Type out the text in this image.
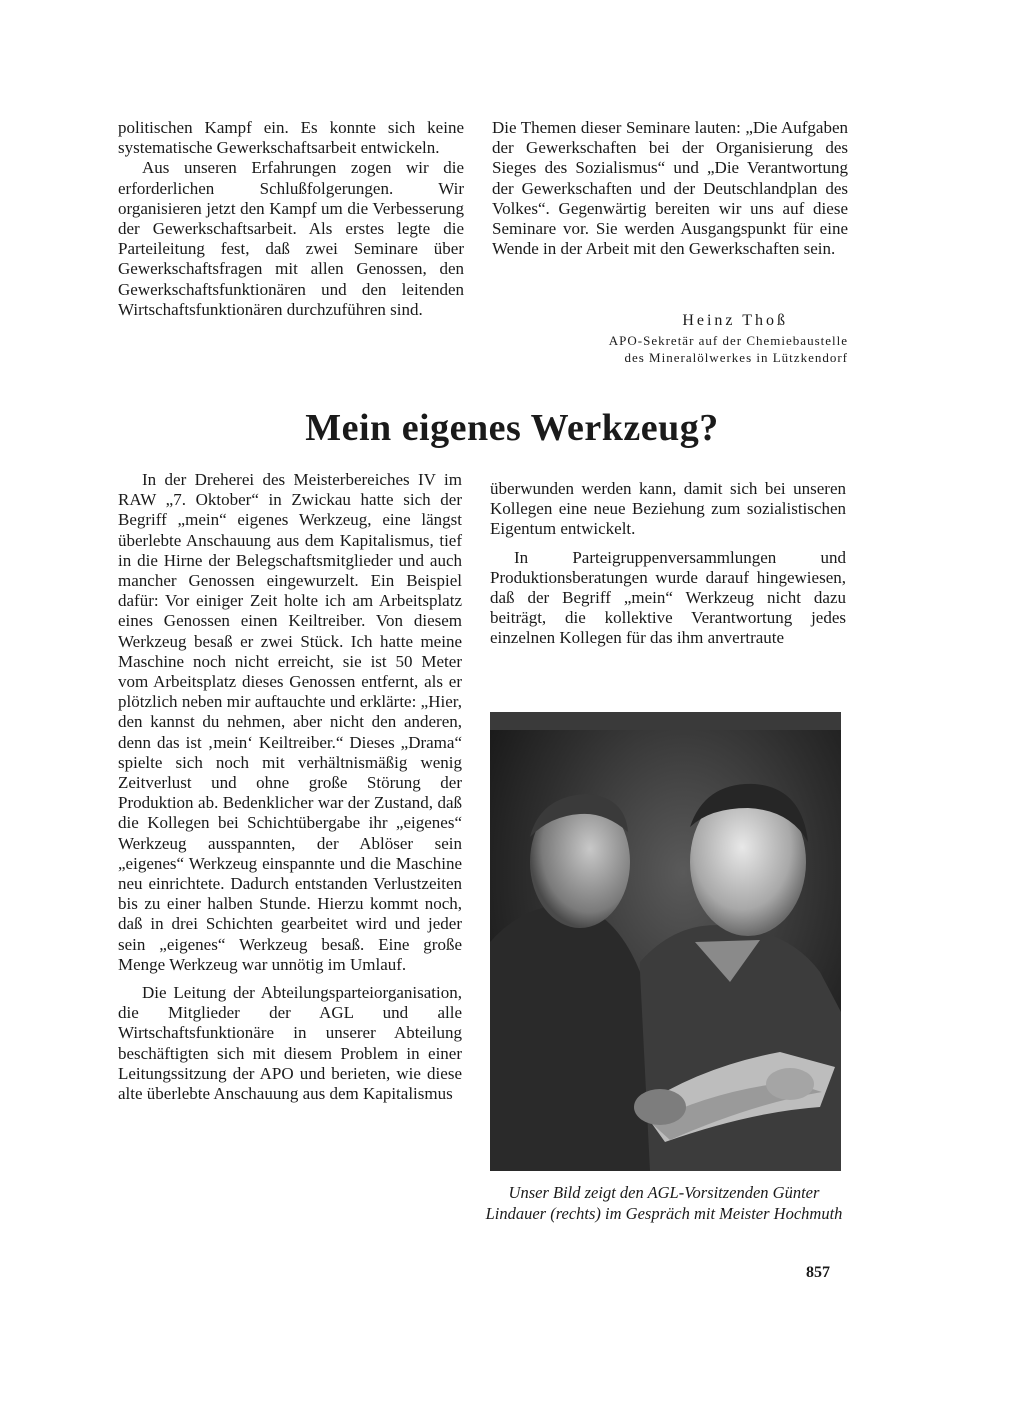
politischen Kampf ein. Es konnte sich keine systematische Gewerkschaftsarbeit entwickeln.

Aus unseren Erfahrungen zogen wir die erforderlichen Schlußfolgerungen. Wir organisieren jetzt den Kampf um die Verbesserung der Gewerkschaftsarbeit. Als erstes legte die Parteileitung fest, daß zwei Seminare über Gewerkschaftsfragen mit allen Genossen, den Gewerkschaftsfunktionären und den leitenden Wirtschaftsfunktionären durchzuführen sind.

Die Themen dieser Seminare lauten: „Die Aufgaben der Gewerkschaften bei der Organisierung des Sieges des Sozialismus“ und „Die Verantwortung der Gewerkschaften und der Deutschlandplan des Volkes“. Gegenwärtig bereiten wir uns auf diese Seminare vor. Sie werden Ausgangspunkt für eine Wende in der Arbeit mit den Gewerkschaften sein.

Heinz Thoß
APO-Sekretär auf der Chemiebaustelle
des Mineralölwerkes in Lützkendorf
Mein eigenes Werkzeug?

In der Dreherei des Meisterbereiches IV im RAW „7. Oktober“ in Zwickau hatte sich der Begriff „mein“ eigenes Werkzeug, eine längst überlebte Anschauung aus dem Kapitalismus, tief in die Hirne der Belegschaftsmitglieder und auch mancher Genossen eingewurzelt. Ein Beispiel dafür: Vor einiger Zeit holte ich am Arbeitsplatz eines Genossen einen Keiltreiber. Von diesem Werkzeug besaß er zwei Stück. Ich hatte meine Maschine noch nicht erreicht, sie ist 50 Meter vom Arbeitsplatz dieses Genossen entfernt, als er plötzlich neben mir auftauchte und erklärte: „Hier, den kannst du nehmen, aber nicht den anderen, denn das ist ‚mein‘ Keiltreiber.“ Dieses „Drama“ spielte sich noch mit verhältnismäßig wenig Zeitverlust und ohne große Störung der Produktion ab. Bedenklicher war der Zustand, daß die Kollegen bei Schichtübergabe ihr „eigenes“ Werkzeug ausspannten, der Ablöser sein „eigenes“ Werkzeug einspannte und die Maschine neu einrichtete. Dadurch entstanden Verlustzeiten bis zu einer halben Stunde. Hierzu kommt noch, daß in drei Schichten gearbeitet wird und jeder sein „eigenes“ Werkzeug besaß. Eine große Menge Werkzeug war unnötig im Umlauf.

Die Leitung der Abteilungsparteiorganisation, die Mitglieder der AGL und alle Wirtschaftsfunktionäre in unserer Abteilung beschäftigten sich mit diesem Problem in einer Leitungssitzung der APO und berieten, wie diese alte überlebte Anschauung aus dem Kapitalismus

überwunden werden kann, damit sich bei unseren Kollegen eine neue Beziehung zum sozialistischen Eigentum entwickelt.

In Parteigruppenversammlungen und Produktionsberatungen wurde darauf hingewiesen, daß der Begriff „mein“ Werkzeug nicht dazu beiträgt, die kollektive Verantwortung jedes einzelnen Kollegen für das ihm anvertraute

Unser Bild zeigt den AGL-Vorsitzenden Günter Lindauer (rechts) im Gespräch mit Meister Hochmuth

857
